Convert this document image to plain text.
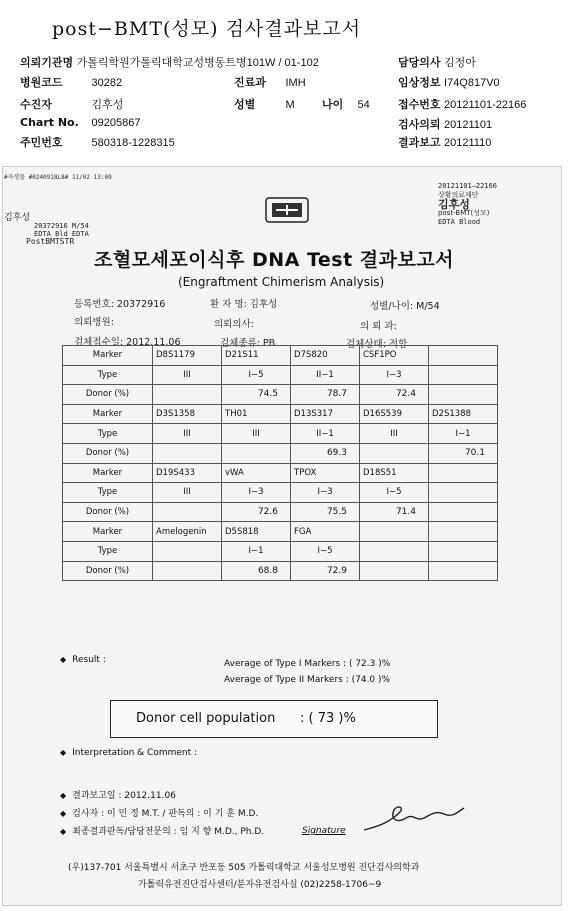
post−BMT(성모) 검사결과보고서
의뢰기관명 가톨릭학원가톨릭대학교성병동트병101W / 01-102	담당의사 김정아
병원코드	30282	진료과 IMH	임상정보 I74Q817V0
수진자	김후성	성별	M 나이 54	접수번호 20121101-22166
Chart No. 09205867	검사의뢰 20121101
주민번호	580318-1228315	결과보고 20121110
#자생물 #0240918L8# 11/02 13:09
김후성
20372916 M/54
EDTA Bld EDTA
PostBMTSTR
20121101—22166
상황의료재단
김후성
post-BMT(성모)
EDTA Blood
조혈모세포이식후 DNA Test 결과보고서
(Engraftment Chimerism Analysis)
등록번호: 20372916	환 자 명: 김후성	성별/나이: M/54
의뢰병원:	의뢰의사:	의 뢰 과:
검체접수일: 2012.11.06	검체종류: PB	검체상태: 적합
Marker	D8S1179	D21S11	D7S820	CSF1PO	
Type	III	I−5	II−1	I−3	
Donor (%)		74.5	78.7	72.4	
Marker	D3S1358	TH01	D13S317	D16S539	D2S1388
Type	III	III	II−1	III	I−1
Donor (%)			69.3		70.1
Marker	D19S433	vWA	TPOX	D18S51	
Type	III	I−3	I−3	I−5	
Donor (%)		72.6	75.5	71.4	
Marker	Amelogenin	D5S818	FGA		
Type		I−1	I−5		
Donor (%)		68.8	72.9		
◆ Result :	Average of Type I Markers : ( 72.3 )%
Average of Type II Markers : (74.0 )%
Donor cell population : ( 73 )%
◆ Interpretation & Comment :
◆ 결과보고일 : 2012.11.06
◆ 검사자 : 이 민 정 M.T. / 판독의 : 이 기 훈 M.D.
◆ 최종결과판독/담당전문의 : 임 지 향 M.D., Ph.D.	Signature
(우)137-701 서울특별시 서초구 반포동 505 가톨릭대학교 서울성모병원 진단검사의학과
가톨릭유전진단검사센터/분자유전검사실 (02)2258-1706~9
